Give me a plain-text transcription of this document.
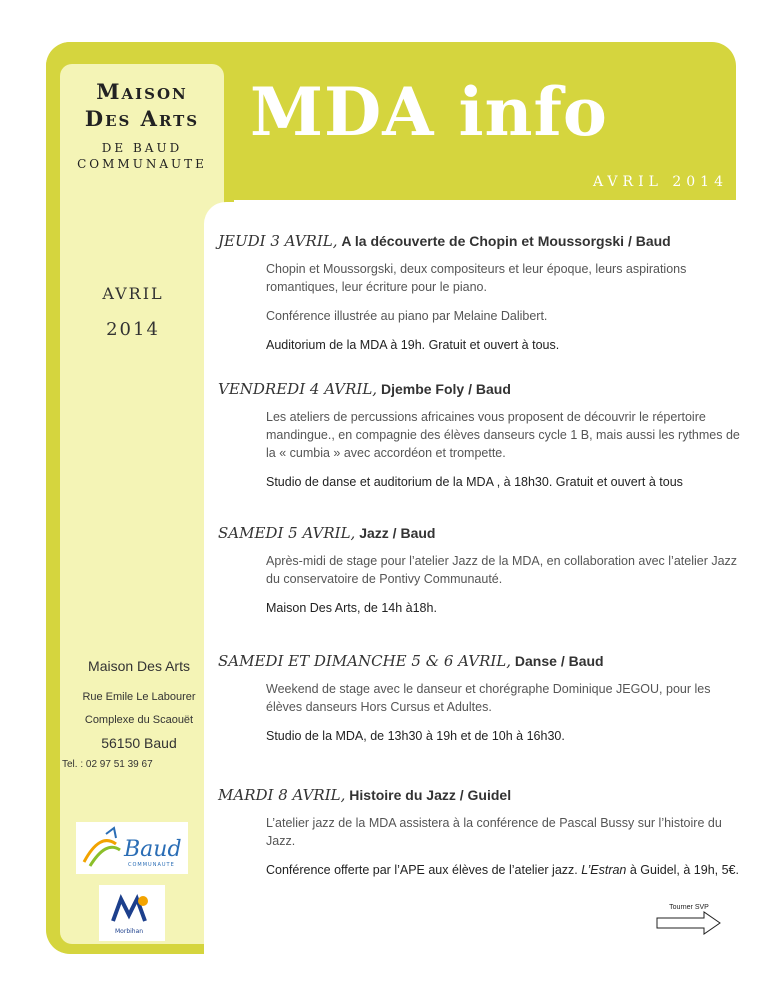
Maison
Des Arts
DE BAUD
COMMUNAUTE
MDA info
AVRIL 2014
AVRIL
2014
Maison Des Arts
Rue Emile Le Labourer
Complexe du Scaouët
56150 Baud
Tel. : 02 97 51 39 67
Baud
COMMUNAUTE
Morbihan
JEUDI 3 AVRIL, A la découverte de Chopin et Moussorgski / Baud

Chopin et Moussorgski, deux compositeurs et leur époque, leurs aspirations romantiques, leur écriture pour le piano.

Conférence illustrée au piano par Melaine Dalibert.

Auditorium de la MDA à 19h. Gratuit et ouvert à tous.

VENDREDI 4 AVRIL, Djembe Foly / Baud

Les ateliers de percussions africaines vous proposent de découvrir le répertoire mandingue., en compagnie des élèves danseurs cycle 1 B, mais aussi les rythmes de la « cumbia » avec accordéon et trompette.

Studio de danse et auditorium de la MDA , à 18h30. Gratuit et ouvert à tous

SAMEDI 5 AVRIL, Jazz / Baud

Après-midi de stage pour l’atelier Jazz de la MDA, en collaboration avec l’atelier Jazz du conservatoire de Pontivy Communauté.

Maison Des Arts, de 14h à18h.

SAMEDI ET DIMANCHE 5 & 6 AVRIL, Danse / Baud

Weekend de stage avec le danseur et chorégraphe Dominique JEGOU, pour les élèves danseurs Hors Cursus et Adultes.

Studio de la MDA, de 13h30 à 19h et de 10h à 16h30.

MARDI 8 AVRIL, Histoire du Jazz / Guidel

L’atelier jazz de la MDA assistera à la conférence de Pascal Bussy sur l’histoire du Jazz.

Conférence offerte par l’APE aux élèves de l’atelier jazz. L’Estran à Guidel, à 19h, 5€.

Tourner SVP
